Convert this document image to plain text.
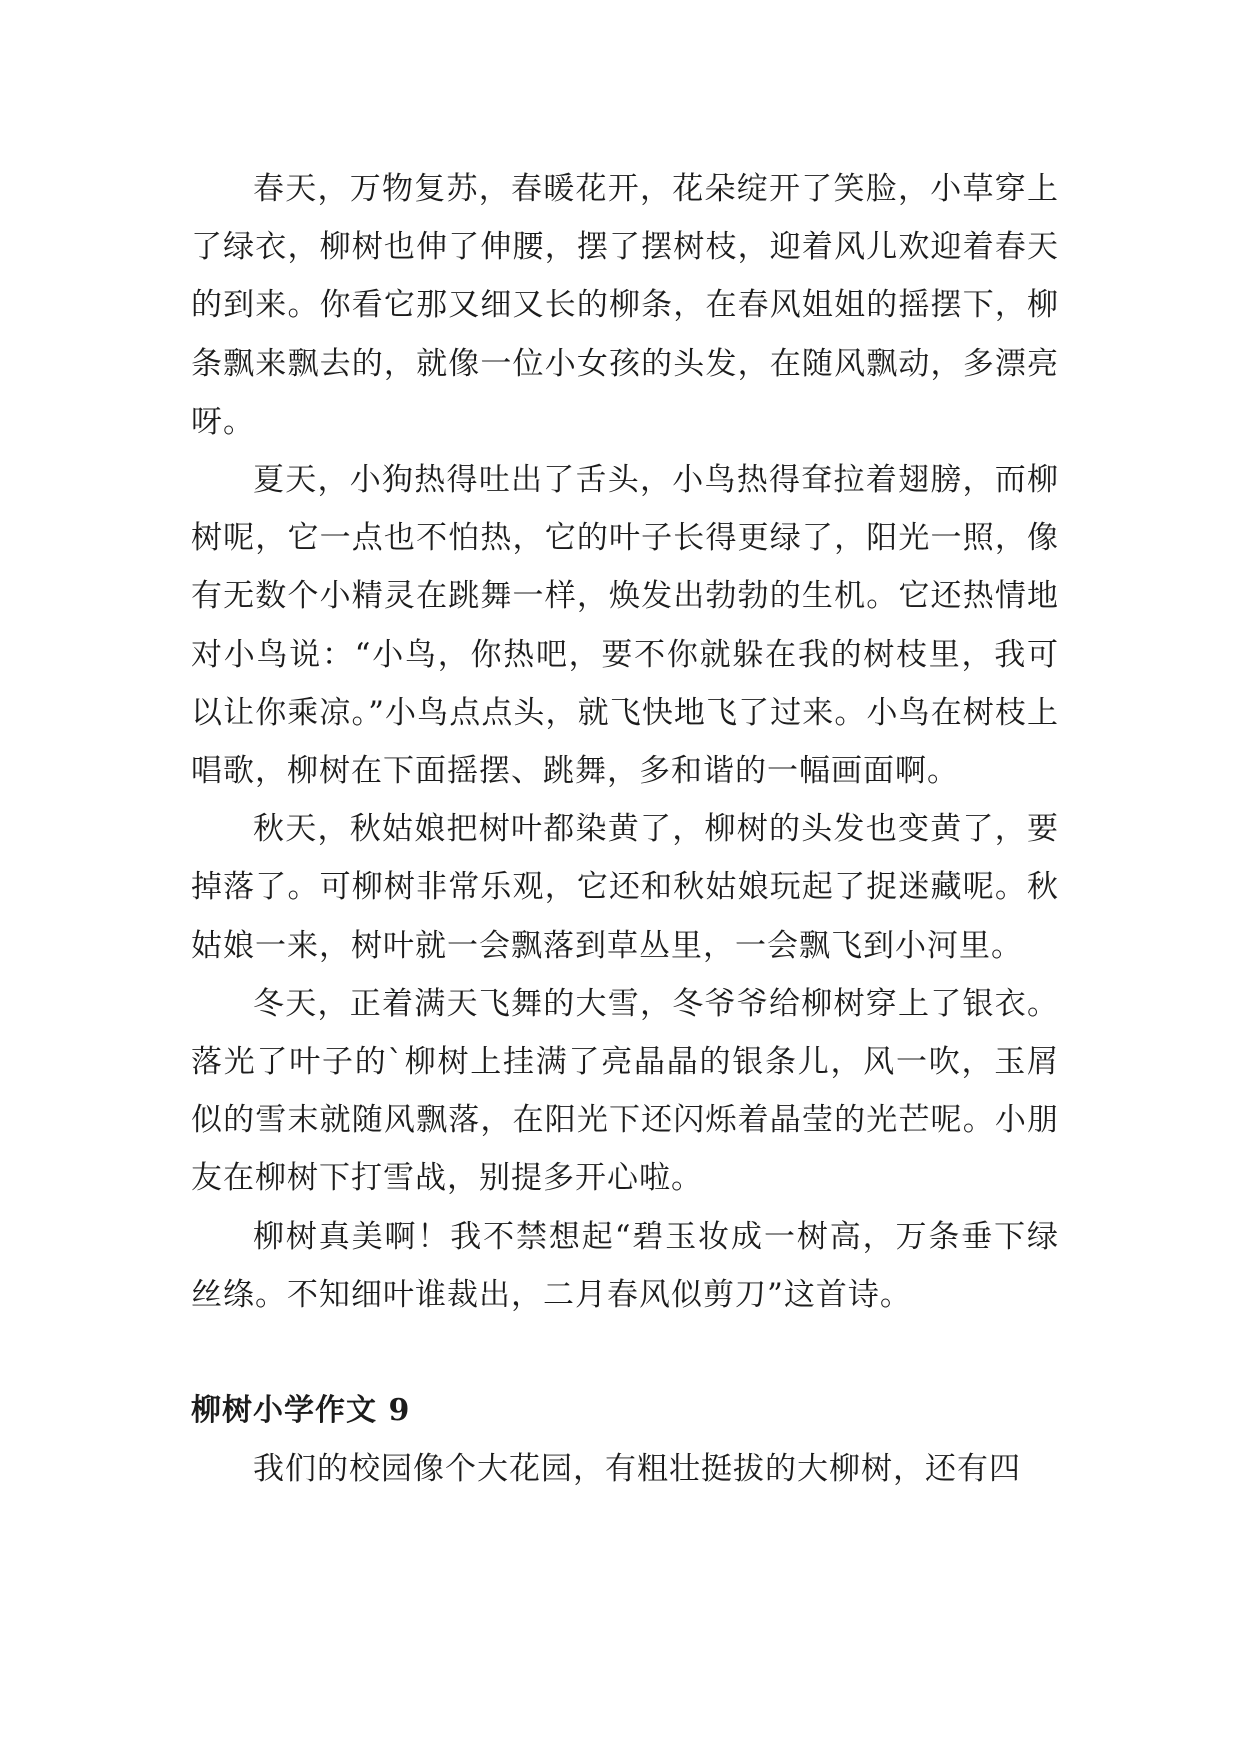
春天，万物复苏，春暖花开，花朵绽开了笑脸，小草穿上了绿衣，柳树也伸了伸腰，摆了摆树枝，迎着风儿欢迎着春天的到来。你看它那又细又长的柳条，在春风姐姐的摇摆下，柳条飘来飘去的，就像一位小女孩的头发，在随风飘动，多漂亮呀。

夏天，小狗热得吐出了舌头，小鸟热得耷拉着翅膀，而柳树呢，它一点也不怕热，它的叶子长得更绿了，阳光一照，像有无数个小精灵在跳舞一样，焕发出勃勃的生机。它还热情地对小鸟说：“小鸟，你热吧，要不你就躲在我的树枝里，我可以让你乘凉。”小鸟点点头，就飞快地飞了过来。小鸟在树枝上唱歌，柳树在下面摇摆、跳舞，多和谐的一幅画面啊。

秋天，秋姑娘把树叶都染黄了，柳树的头发也变黄了，要掉落了。可柳树非常乐观，它还和秋姑娘玩起了捉迷藏呢。秋姑娘一来，树叶就一会飘落到草丛里，一会飘飞到小河里。

冬天，正着满天飞舞的大雪，冬爷爷给柳树穿上了银衣。落光了叶子的`柳树上挂满了亮晶晶的银条儿，风一吹，玉屑似的雪末就随风飘落，在阳光下还闪烁着晶莹的光芒呢。小朋友在柳树下打雪战，别提多开心啦。

柳树真美啊！我不禁想起“碧玉妆成一树高，万条垂下绿丝绦。不知细叶谁裁出，二月春风似剪刀”这首诗。

柳树小学作文 9

我们的校园像个大花园，有粗壮挺拔的大柳树，还有四
